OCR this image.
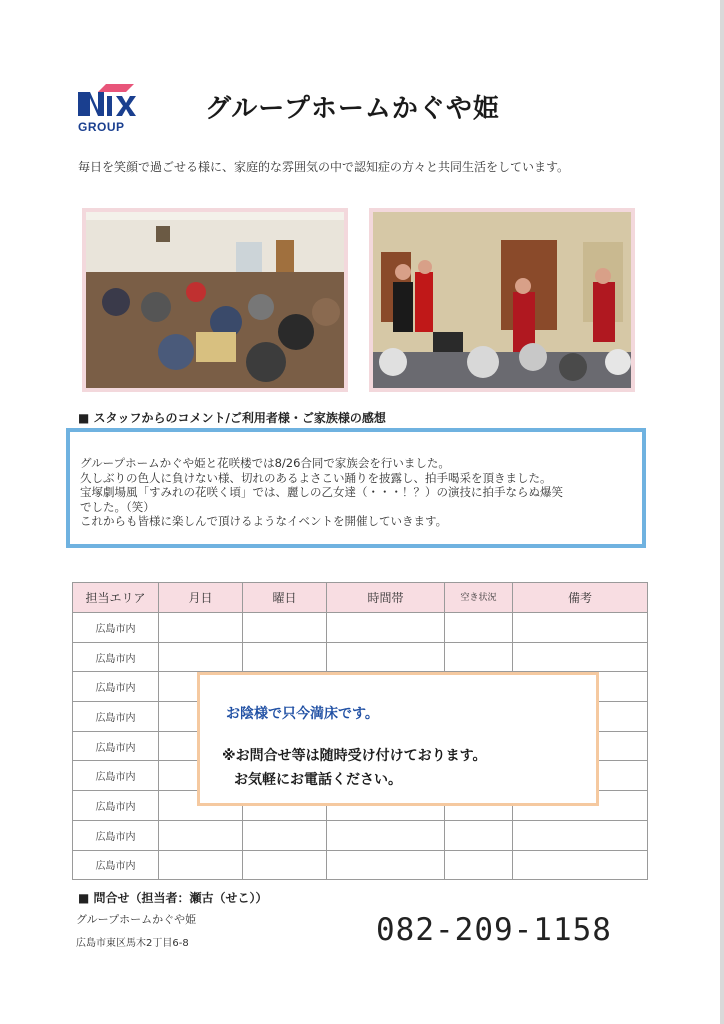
GROUP
グループホームかぐや姫
毎日を笑顔で過ごせる様に、家庭的な雰囲気の中で認知症の方々と共同生活をしています。
■ スタッフからのコメント/ご利用者様・ご家族様の感想

グループホームかぐや姫と花咲楼では8/26合同で家族会を行いました。

久しぶりの色人に負けない様、切れのあるよさこい踊りを披露し、拍手喝采を頂きました。

宝塚劇場風「すみれの花咲く頃」では、麗しの乙女達（・・・！？）の演技に拍手ならぬ爆笑

でした。（笑）

これからも皆様に楽しんで頂けるようなイベントを開催していきます。

担当エリア	月日	曜日	時間帯	空き状況	備考
広島市内					
広島市内					
広島市内					
広島市内					
広島市内					
広島市内					
広島市内					
広島市内					
広島市内					
お陰様で只今満床です。
※お問合せ等は随時受け付けております。
お気軽にお電話ください。
■ 問合せ（担当者：瀬古（せこ））
グループホームかぐや姫
広島市東区馬木2丁目6-8	082-209-1158
